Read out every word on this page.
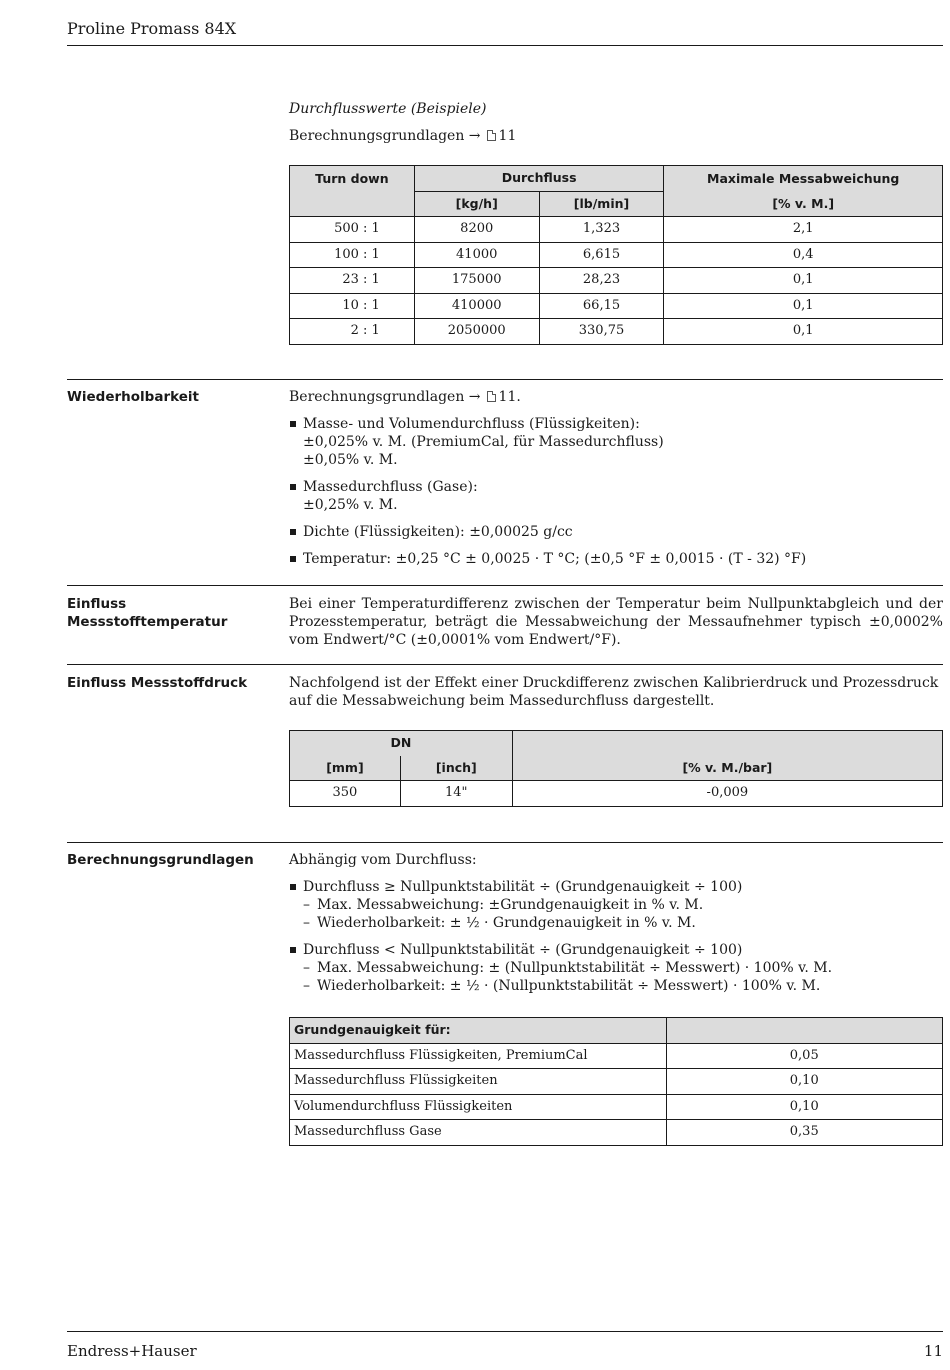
Proline Promass 84X
Durchflusswerte (Beispiele)
Berechnungsgrundlagen → 11
Turn down	Durchfluss		Maximale Messabweichung
	[kg/h]	[lb/min]	[% v. M.]
500 : 1	8200	1,323	2,1
100 : 1	41000	6,615	0,4
23 : 1	175000	28,23	0,1
10 : 1	410000	66,15	0,1
2 : 1	2050000	330,75	0,1
Wiederholbarkeit	Berechnungsgrundlagen → 11.
Masse- und Volumendurchfluss (Flüssigkeiten):
±0,025% v. M. (PremiumCal, für Massedurchfluss)
±0,05% v. M.
Massedurchfluss (Gase):
±0,25% v. M.
Dichte (Flüssigkeiten): ±0,00025 g/cc
Temperatur: ±0,25 °C ± 0,0025 · T °C; (±0,5 °F ± 0,0015 · (T - 32) °F)
Einfluss Messstofftemperatur
Bei einer Temperaturdifferenz zwischen der Temperatur beim Nullpunktabgleich und der Prozesstemperatur, beträgt die Messabweichung der Messaufnehmer typisch ±0,0002% vom Endwert/°C (±0,0001% vom Endwert/°F).
Einfluss Messstoffdruck	Nachfolgend ist der Effekt einer Druckdifferenz zwischen Kalibrierdruck und Prozessdruck auf die Messabweichung beim Massedurchfluss dargestellt.
DN		
[mm]	[inch]	[% v. M./bar]
350	14"	-0,009
Berechnungsgrundlagen	Abhängig vom Durchfluss:
Durchfluss ≥ Nullpunktstabilität ÷ (Grundgenauigkeit ÷ 100)
– Max. Messabweichung: ±Grundgenauigkeit in % v. M.
– Wiederholbarkeit: ± ½ · Grundgenauigkeit in % v. M.
Durchfluss < Nullpunktstabilität ÷ (Grundgenauigkeit ÷ 100)
– Max. Messabweichung: ± (Nullpunktstabilität ÷ Messwert) · 100% v. M.
– Wiederholbarkeit: ± ½ · (Nullpunktstabilität ÷ Messwert) · 100% v. M.
Grundgenauigkeit für:	
Massedurchfluss Flüssigkeiten, PremiumCal	0,05
Massedurchfluss Flüssigkeiten	0,10
Volumendurchfluss Flüssigkeiten	0,10
Massedurchfluss Gase	0,35
Endress+Hauser	11
